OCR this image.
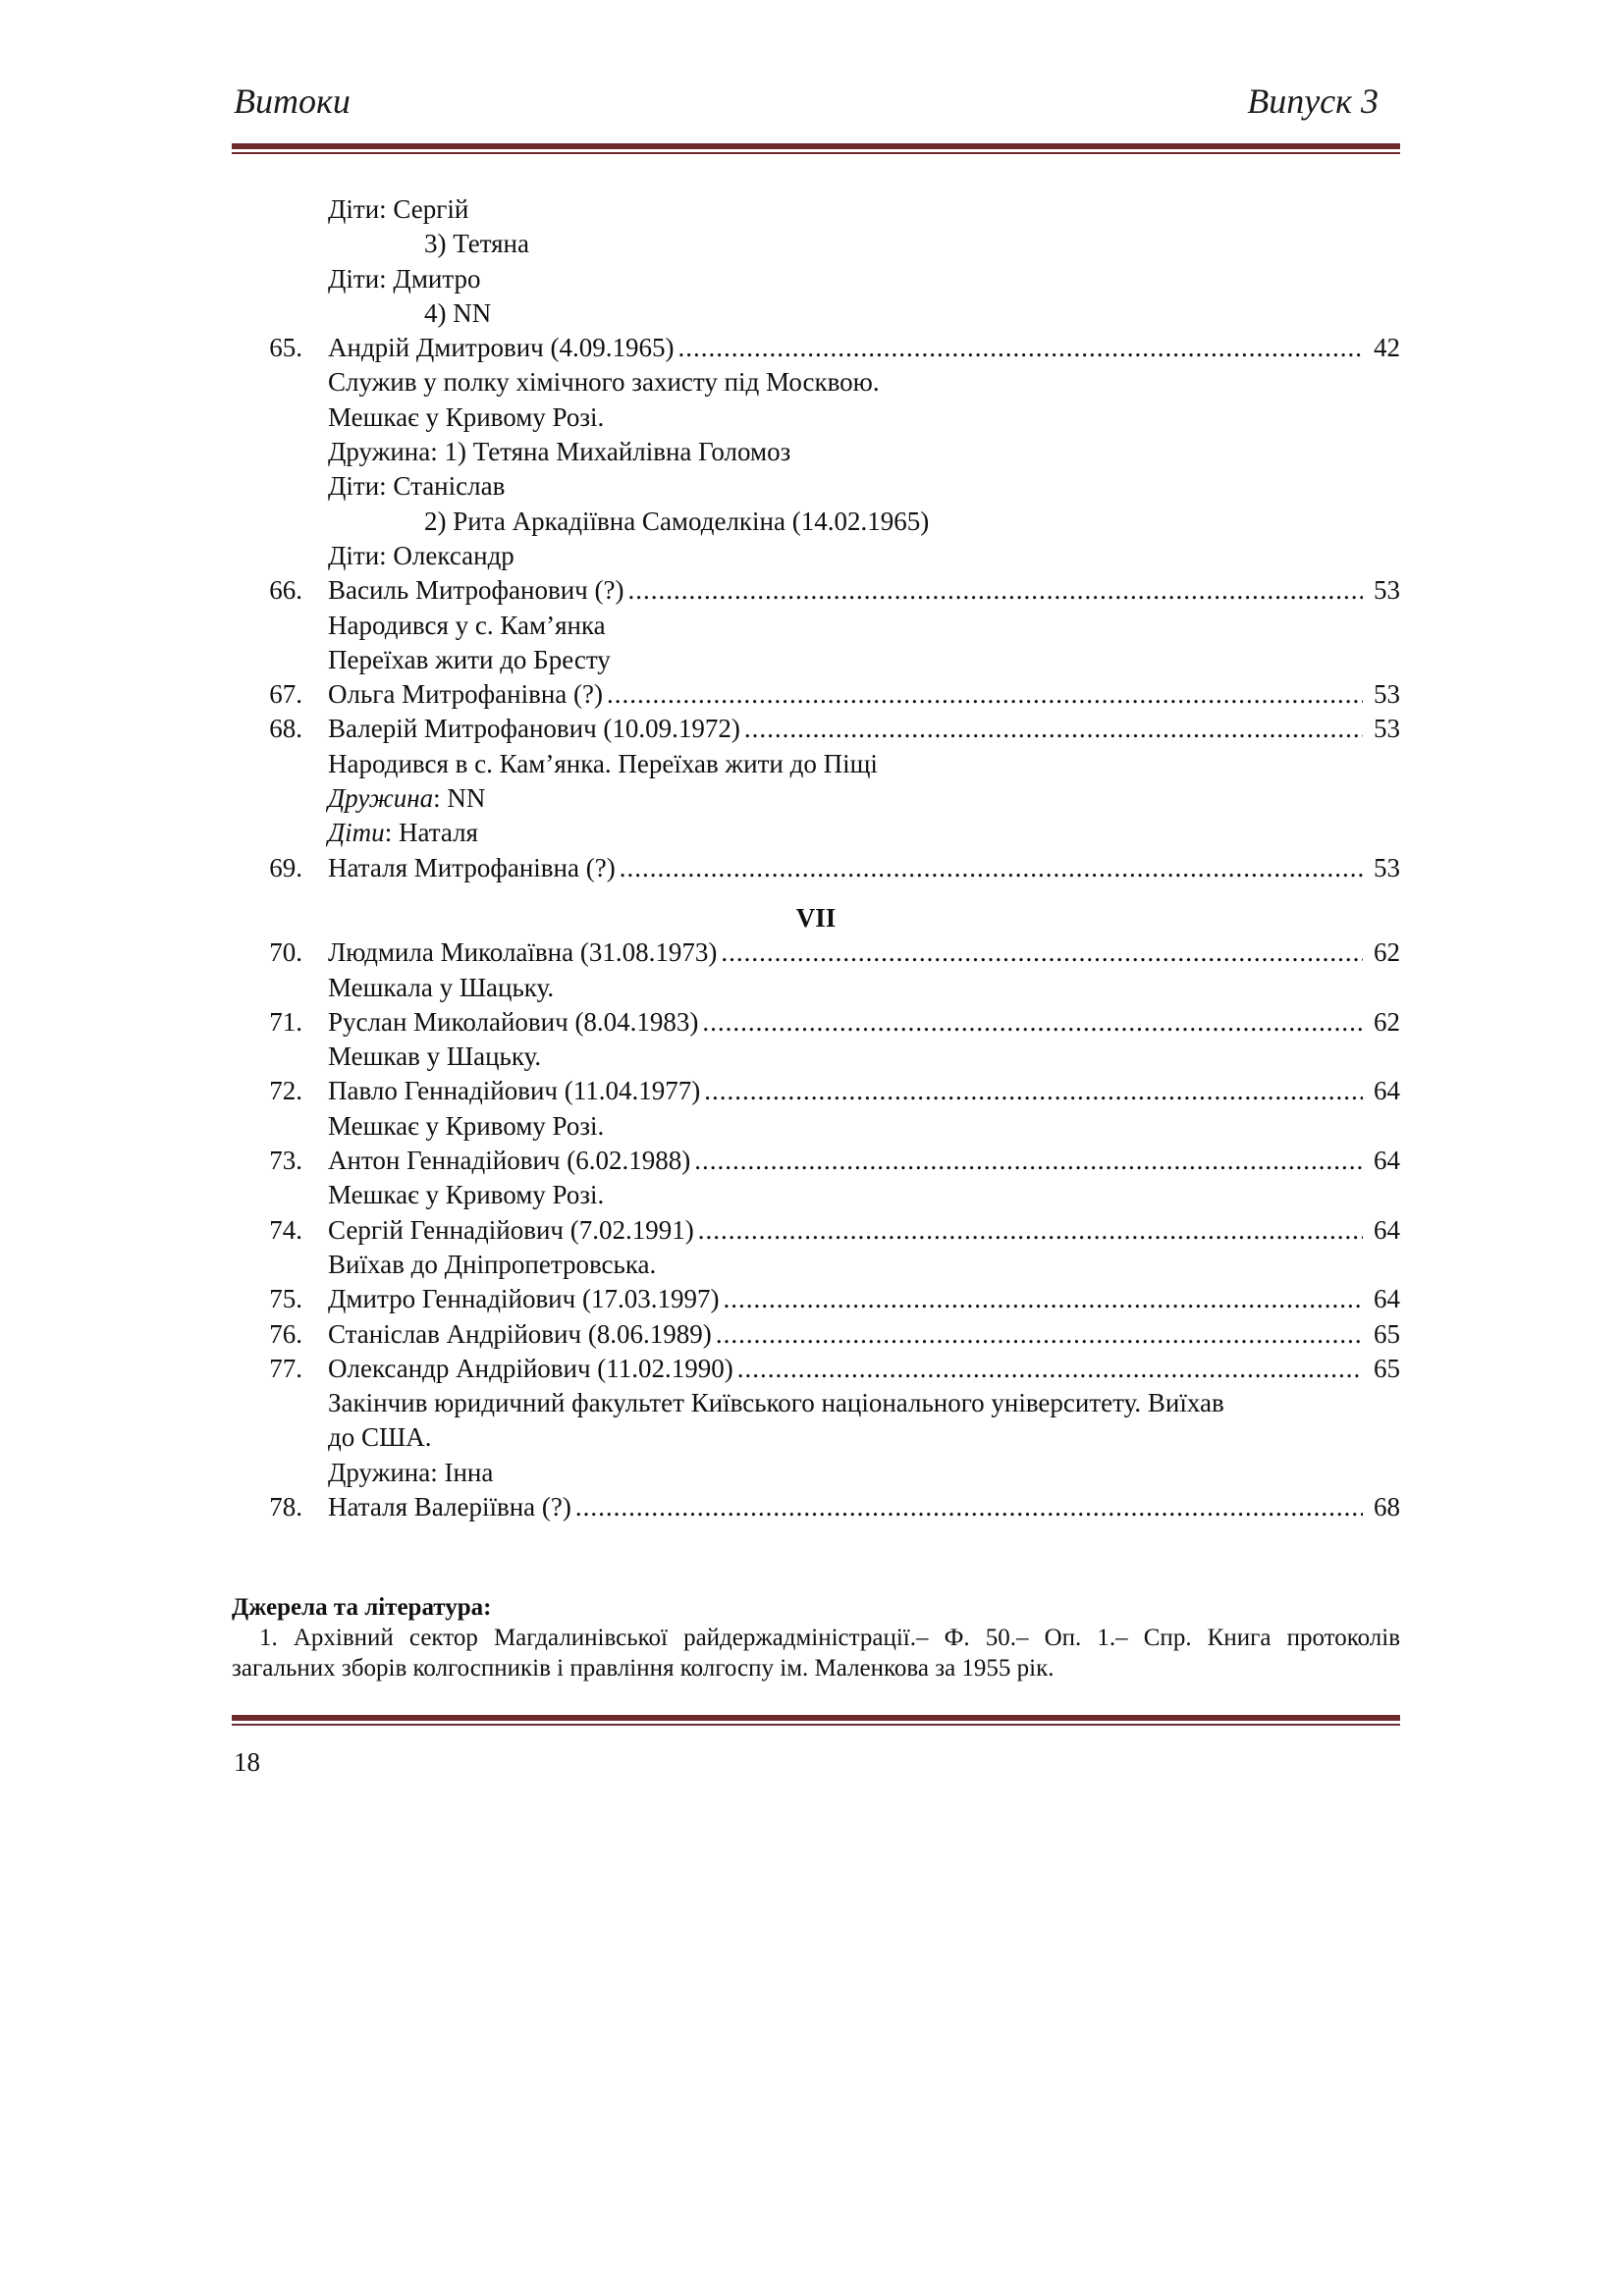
Витоки	Випуск 3
Діти: Сергій
3) Тетяна
Діти: Дмитро
4) NN
65. Андрій Дмитрович (4.09.1965) .....	42
Служив у полку хімічного захисту під Москвою.
Мешкає у Кривому Розі.
Дружина: 1) Тетяна Михайлівна Голомоз
Діти: Станіслав
2) Рита Аркадіївна Самоделкіна (14.02.1965)
Діти: Олександр
66. Василь Митрофанович (?) .....	53
Народився у с. Кам’янка
Переїхав жити до Бресту
67. Ольга Митрофанівна (?) .....	53
68. Валерій Митрофанович (10.09.1972) .....	53
Народився в с. Кам’янка. Переїхав жити до Піщі
Дружина: NN
Діти: Наталя
69. Наталя Митрофанівна (?) .....	53
VII
70. Людмила Миколаївна (31.08.1973) .....	62
Мешкала у Шацьку.
71. Руслан Миколайович (8.04.1983) .....	62
Мешкав у Шацьку.
72. Павло Геннадійович (11.04.1977) .....	64
Мешкає у Кривому Розі.
73. Антон Геннадійович (6.02.1988) .....	64
Мешкає у Кривому Розі.
74. Сергій Геннадійович (7.02.1991) .....	64
Виїхав до Дніпропетровська.
75. Дмитро Геннадійович (17.03.1997) .....	64
76. Станіслав Андрійович (8.06.1989) .....	65
77. Олександр Андрійович (11.02.1990) .....	65
Закінчив юридичний факультет Київського національного університету. Виїхав
до США.
Дружина: Інна
78. Наталя Валеріївна (?) .....	68
Джерела та література:
1. Архівний сектор Магдалинівської райдержадміністрації.– Ф. 50.– Оп. 1.– Спр. Книга протоколів загальних зборів колгоспників і правління колгоспу ім. Маленкова за 1955 рік.
18
